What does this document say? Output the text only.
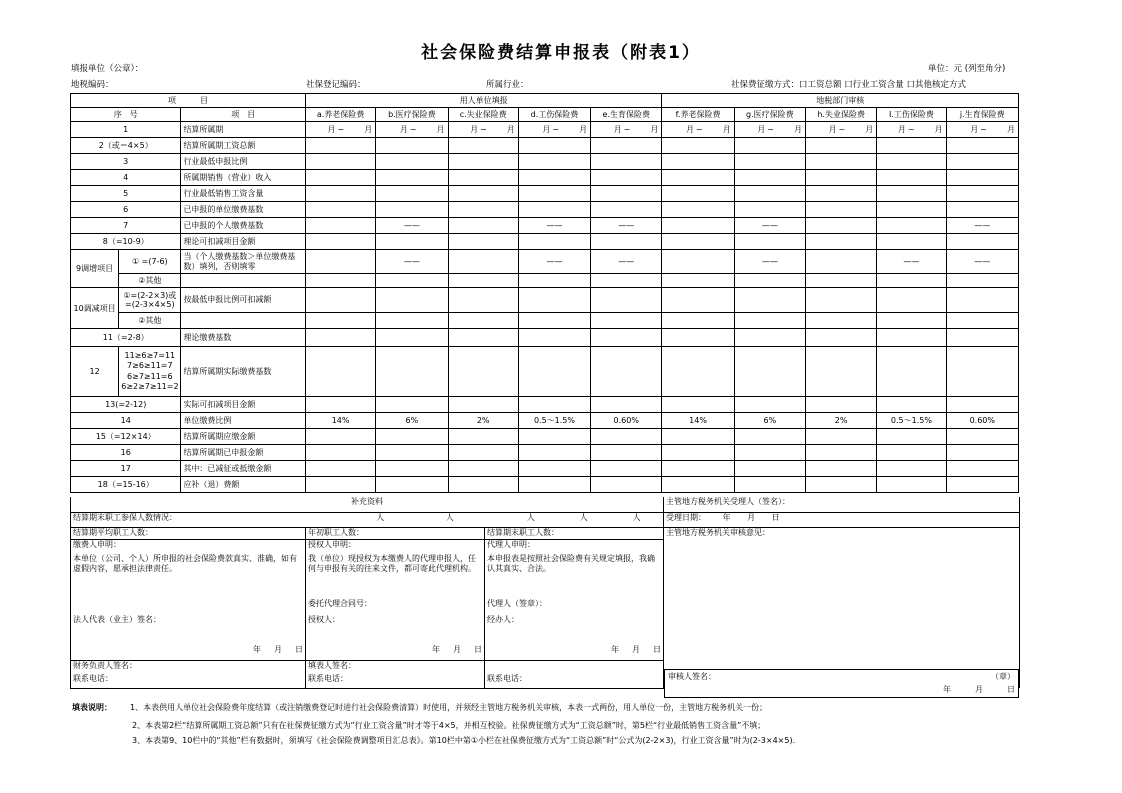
社会保险费结算申报表（附表1）
填报单位（公章）：	单位：元 (列至角分)
地税编码：	社保登记编码：	所属行业：	社保费征缴方式：口工资总额 口行业工资含量 口其他核定方式
项　　　目			用人单位填报					地税部门审核				
序　号		项　目	a.养老保险费	b.医疗保险费	c.失业保险费	d.工伤保险费	e.生育保险费	f.养老保险费	g.医疗保险费	h.失业保险费	I.工伤保险费	j.生育保险费
1		结算所属期	月 ~ 月	月 ~ 月	月 ~ 月	月 ~ 月	月 ~ 月	月 ~ 月	月 ~ 月	月 ~ 月	月 ~ 月	月 ~ 月

2（或＝4×5）		结算所属期工资总额										
3		行业最低申报比例										
4		所属期销售（营业）收入										
5		行业最低销售工资含量										
6		已申报的单位缴费基数										
7		已申报的个人缴费基数		——		——	——		——			——
8（=10-9）		理论可扣减项目金额										
9调增项目	① =(7-6)	当（个人缴费基数＞单位缴费基数）填列，否则填零		——		——	——		——		——	——
	②其他											
10调减项目	①=(2-2×3)或=(2-3×4×5)	按最低申报比例可扣减额										
	②其他											
11（=2-8）		理论缴费基数										
12	11≥6≥7=11 7≥6≥11=7 6≥7≥11=6 6≥2≥7≥11=2	结算所属期实际缴费基数										
13(=2-12)		实际可扣减项目金额										
14		单位缴费比例	14%	6%	2%	0.5～1.5%	0.60%	14%	6%	2%	0.5～1.5%	0.60%
15（=12×14）		结算所属期应缴金额										
16		结算所属期已申报金额										
17		其中：已减征或抵缴金额										
18（=15-16）		应补（退）费额										
补充资料			主管地方税务机关受理人（签名）：
结算期末职工参保人数情况：	人 人	人 人 人	受理日期： 年 月 日
结算期平均职工人数：	年初职工人数：	结算期末职工人数：	主管地方税务机关审核意见：
缴费人申明：	授权人申明：	代理人申明：	
本单位（公司、个人）所申报的社会保险费款真实、准确，如有虚假内容，愿承担法律责任。	我（单位）现授权为本缴费人的代理申报人，任何与申报有关的往来文件，都可寄此代理机构。	本申报表是按照社会保险费有关规定填报，我确认其真实、合法。	
	委托代理合同号：	代理人（签章）：	
法人代表（业主）签名：	授权人：	经办人：	

年 月 日	年 月 日	年 月 日	

财务负责人签名：	填表人签名：		
联系电话：	联系电话：	联系电话：		审核人签名：	（章）
年	月	日
填表说明： 1、本表供用人单位社会保险费年度结算（或注销缴费登记时进行社会保险费清算）时使用，并须经主管地方税务机关审核，本表一式两份，用人单位一份，主管地方税务机关一份；
2、本表第2栏“结算所属期工资总额”只有在社保费征缴方式为“行业工资含量”时才等于4×5，并相互校验。社保费征缴方式为“工资总额”时，第5栏“行业最低销售工资含量”不填；
3、本表第9、10栏中的“其他”栏有数据时，须填写《社会保险费调整项目汇总表》。第10栏中第①小栏在社保费征缴方式为“工资总额”时“公式为(2-2×3)，行业工资含量”时为(2-3×4×5).
